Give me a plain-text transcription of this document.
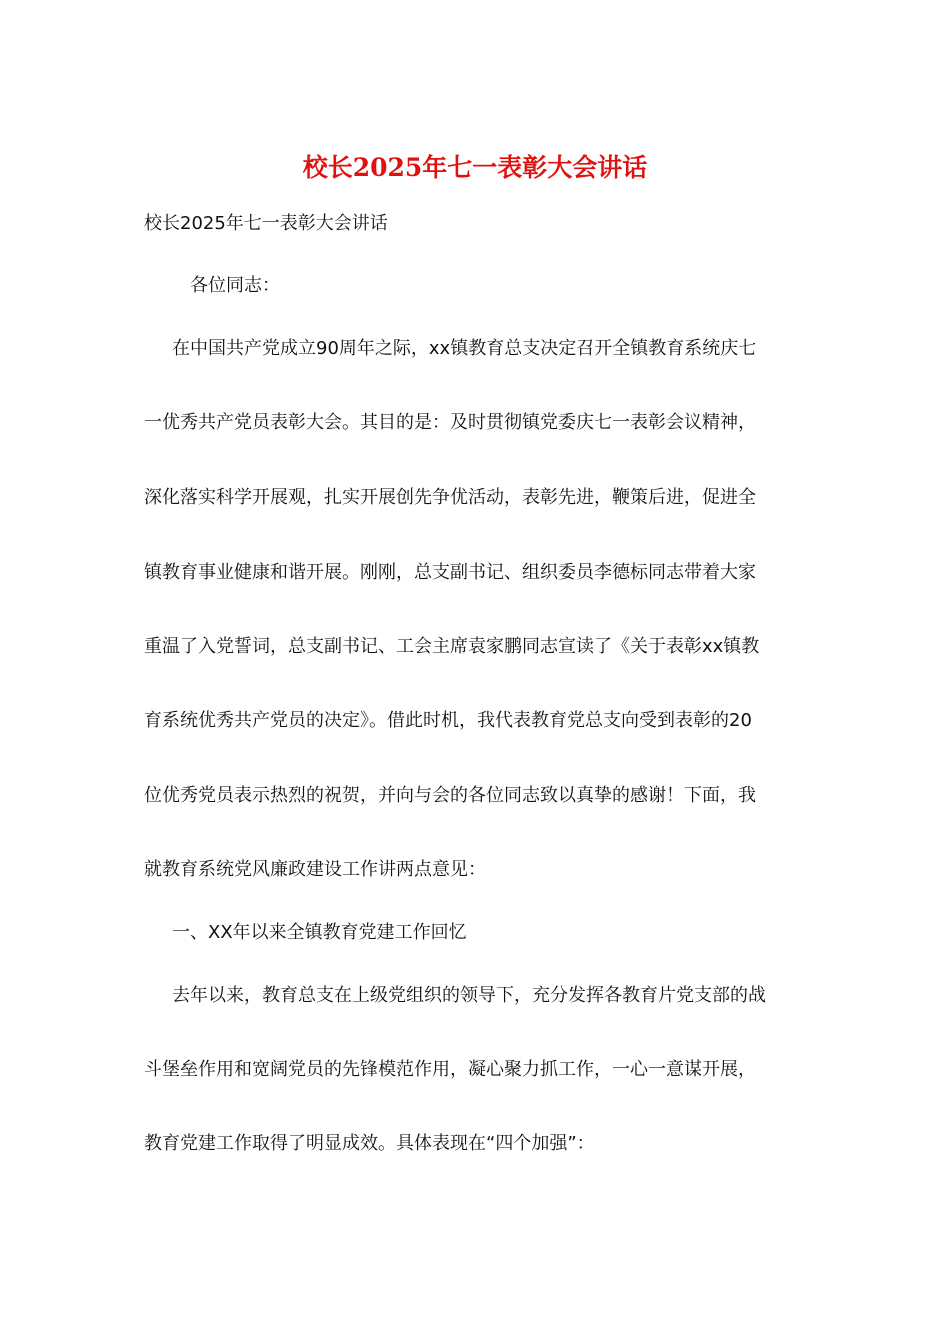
校长2025年七一表彰大会讲话

校长2025年七一表彰大会讲话

各位同志：

在中国共产党成立90周年之际，xx镇教育总支决定召开全镇教育系统庆七

一优秀共产党员表彰大会。其目的是：及时贯彻镇党委庆七一表彰会议精神，

深化落实科学开展观，扎实开展创先争优活动，表彰先进，鞭策后进，促进全

镇教育事业健康和谐开展。刚刚，总支副书记、组织委员李德标同志带着大家

重温了入党誓词，总支副书记、工会主席袁家鹏同志宣读了《关于表彰xx镇教

育系统优秀共产党员的决定》。借此时机，我代表教育党总支向受到表彰的20

位优秀党员表示热烈的祝贺，并向与会的各位同志致以真挚的感谢！下面，我

就教育系统党风廉政建设工作讲两点意见：

一、XX年以来全镇教育党建工作回忆

去年以来，教育总支在上级党组织的领导下，充分发挥各教育片党支部的战

斗堡垒作用和宽阔党员的先锋模范作用，凝心聚力抓工作，一心一意谋开展，

教育党建工作取得了明显成效。具体表现在“四个加强”：
